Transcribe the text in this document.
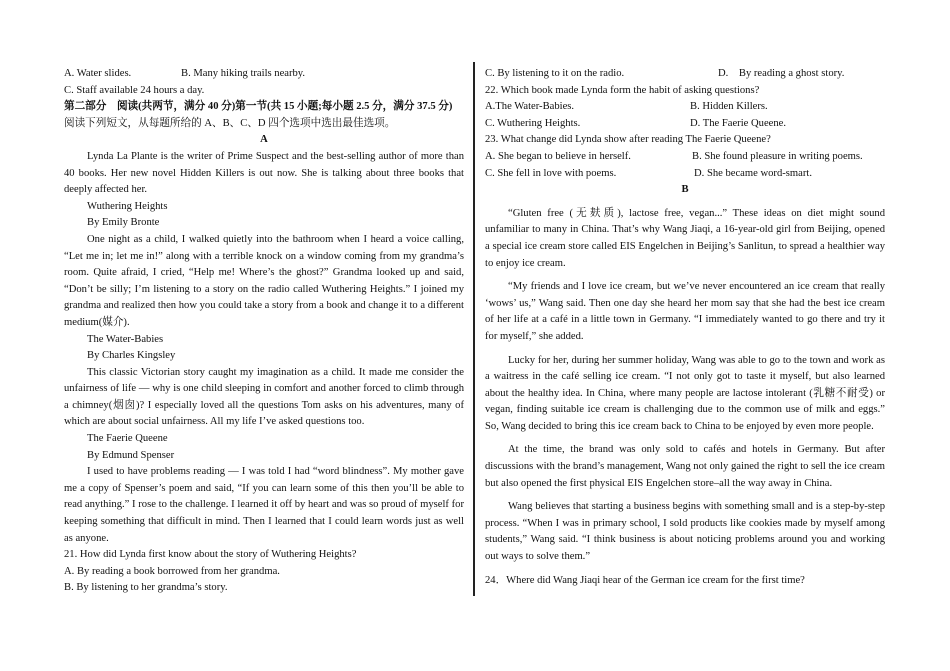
A. Water slides.	B. Many hiking trails nearby.
C. Staff available 24 hours a day.
第二部分　阅读(共两节，满分 40 分)第一节(共 15 小题;每小题 2.5 分，满分 37.5 分)
阅读下列短文，从每题所给的 A、B、C、D 四个选项中选出最佳选项。
A
Lynda La Plante is the writer of Prime Suspect and the best-selling author of more than 40 books. Her new novel Hidden Killers is out now. She is talking about three books that deeply affected her.
Wuthering Heights
By Emily Bronte
One night as a child, I walked quietly into the bathroom when I heard a voice calling, “Let me in; let me in!” along with a terrible knock on a window coming from my grandma’s room. Quite afraid, I cried, “Help me! Where’s the ghost?” Grandma looked up and said, “Don’t be silly; I’m listening to a story on the radio called Wuthering Heights.” I joined my grandma and realized then how you could take a story from a book and change it to a different medium(媒介).
The Water-Babies
By Charles Kingsley
This classic Victorian story caught my imagination as a child. It made me consider the unfairness of life — why is one child sleeping in comfort and another forced to climb through a chimney(烟囱)? I especially loved all the questions Tom asks on his adventures, many of which are about social unfairness. All my life I’ve asked questions too.
The Faerie Queene
By Edmund Spenser
I used to have problems reading — I was told I had “word blindness”. My mother gave me a copy of Spenser’s poem and said, “If you can learn some of this then you’ll be able to read anything.” I rose to the challenge. I learned it off by heart and was so proud of myself for keeping something that difficult in mind. Then I learned that I could learn words just as well as anyone.
21. How did Lynda first know about the story of Wuthering Heights?
A. By reading a book borrowed from her grandma.
B. By listening to her grandma’s story.
C. By listening to it on the radio.	D.　By reading a ghost story.
22. Which book made Lynda form the habit of asking questions?
A.The Water-Babies.	B. Hidden Killers.
C. Wuthering Heights.	D. The Faerie Queene.
23. What change did Lynda show after reading The Faerie Queene?
A. She began to believe in herself.	B. She found pleasure in writing poems.
C. She fell in love with poems.	D. She became word-smart.
B
“Gluten free (无麸质), lactose free, vegan...” These ideas on diet might sound unfamiliar to many in China. That’s why Wang Jiaqi, a 16-year-old girl from Beijing, opened a special ice cream store called EIS Engelchen in Beijing’s Sanlitun, to spread a healthier way to enjoy ice cream.
“My friends and I love ice cream, but we’ve never encountered an ice cream that really ‘wows’ us,” Wang said. Then one day she heard her mom say that she had the best ice cream of her life at a café in a little town in Germany. “I immediately wanted to go there and try it for myself,” she added.
Lucky for her, during her summer holiday, Wang was able to go to the town and work as a waitress in the café selling ice cream. “I not only got to taste it myself, but also learned about the healthy idea. In China, where many people are lactose intolerant (乳糖不耐受) or vegan, finding suitable ice cream is challenging due to the common use of milk and eggs.” So, Wang decided to bring this ice cream back to China to be enjoyed by even more people.
At the time, the brand was only sold to cafés and hotels in Germany. But after discussions with the brand’s management, Wang not only gained the right to sell the ice cream but also opened the first physical EIS Engelchen store–all the way away in China.
Wang believes that starting a business begins with something small and is a step-by-step process. “When I was in primary school, I sold products like cookies made by myself among students,” Wang said. “I think business is about noticing problems around you and working out ways to solve them.”
24．Where did Wang Jiaqi hear of the German ice cream for the first time?
